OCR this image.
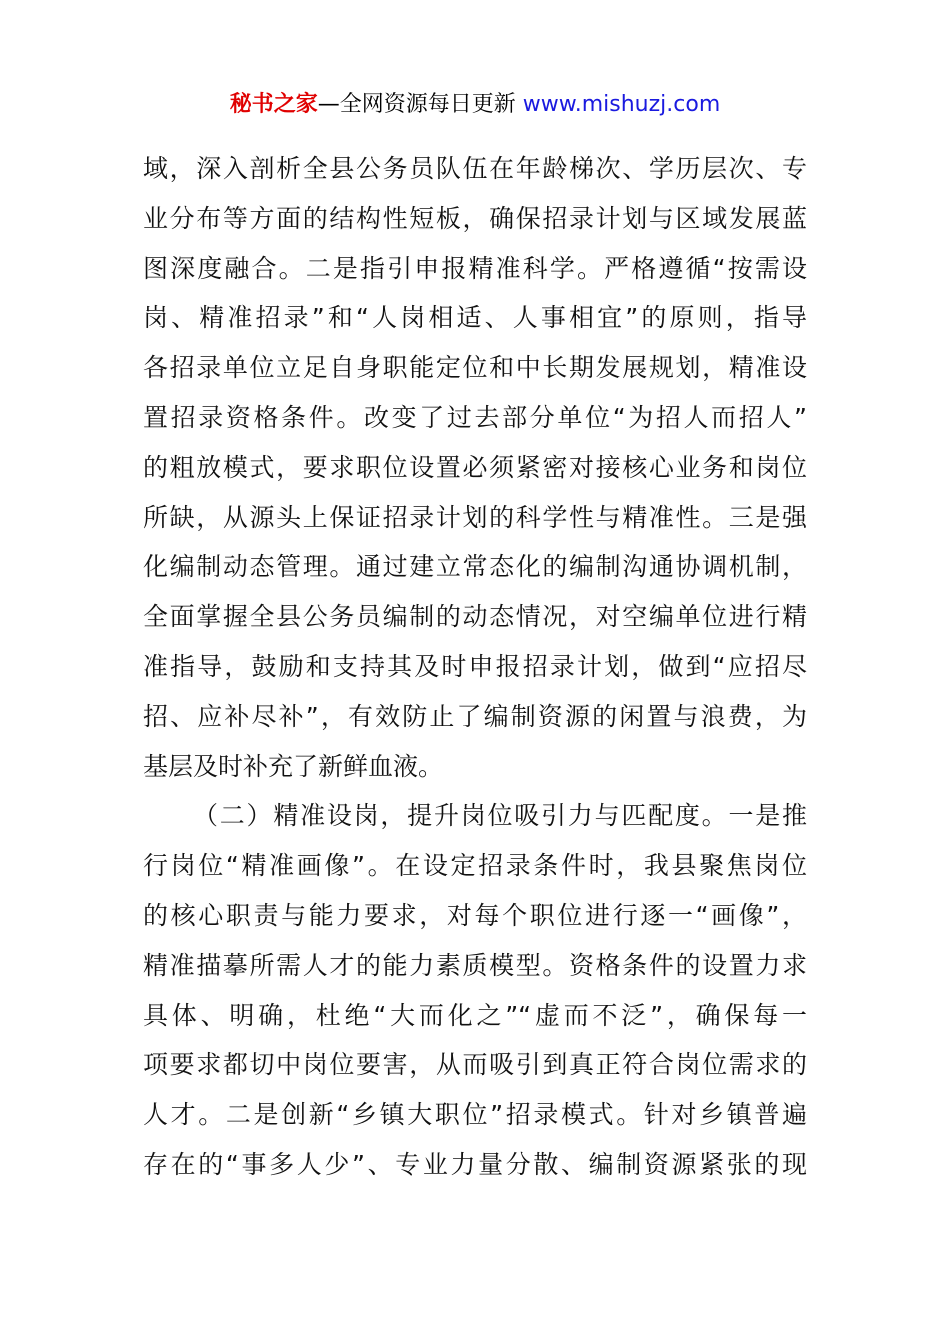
秘书之家—全网资源每日更新 www.mishuzj.com
域，深入剖析全县公务员队伍在年龄梯次、学历层次、专
业分布等方面的结构性短板，确保招录计划与区域发展蓝
图深度融合。二是指引申报精准科学。严格遵循“按需设
岗、精准招录”和“人岗相适、人事相宜”的原则，指导
各招录单位立足自身职能定位和中长期发展规划，精准设
置招录资格条件。改变了过去部分单位“为招人而招人”
的粗放模式，要求职位设置必须紧密对接核心业务和岗位
所缺，从源头上保证招录计划的科学性与精准性。三是强
化编制动态管理。通过建立常态化的编制沟通协调机制，
全面掌握全县公务员编制的动态情况，对空编单位进行精
准指导，鼓励和支持其及时申报招录计划，做到“应招尽
招、应补尽补”，有效防止了编制资源的闲置与浪费，为
基层及时补充了新鲜血液。
（二）精准设岗，提升岗位吸引力与匹配度。一是推
行岗位“精准画像”。在设定招录条件时，我县聚焦岗位
的核心职责与能力要求，对每个职位进行逐一“画像”，
精准描摹所需人才的能力素质模型。资格条件的设置力求
具体、明确，杜绝“大而化之”“虚而不泛”，确保每一
项要求都切中岗位要害，从而吸引到真正符合岗位需求的
人才。二是创新“乡镇大职位”招录模式。针对乡镇普遍
存在的“事多人少”、专业力量分散、编制资源紧张的现
